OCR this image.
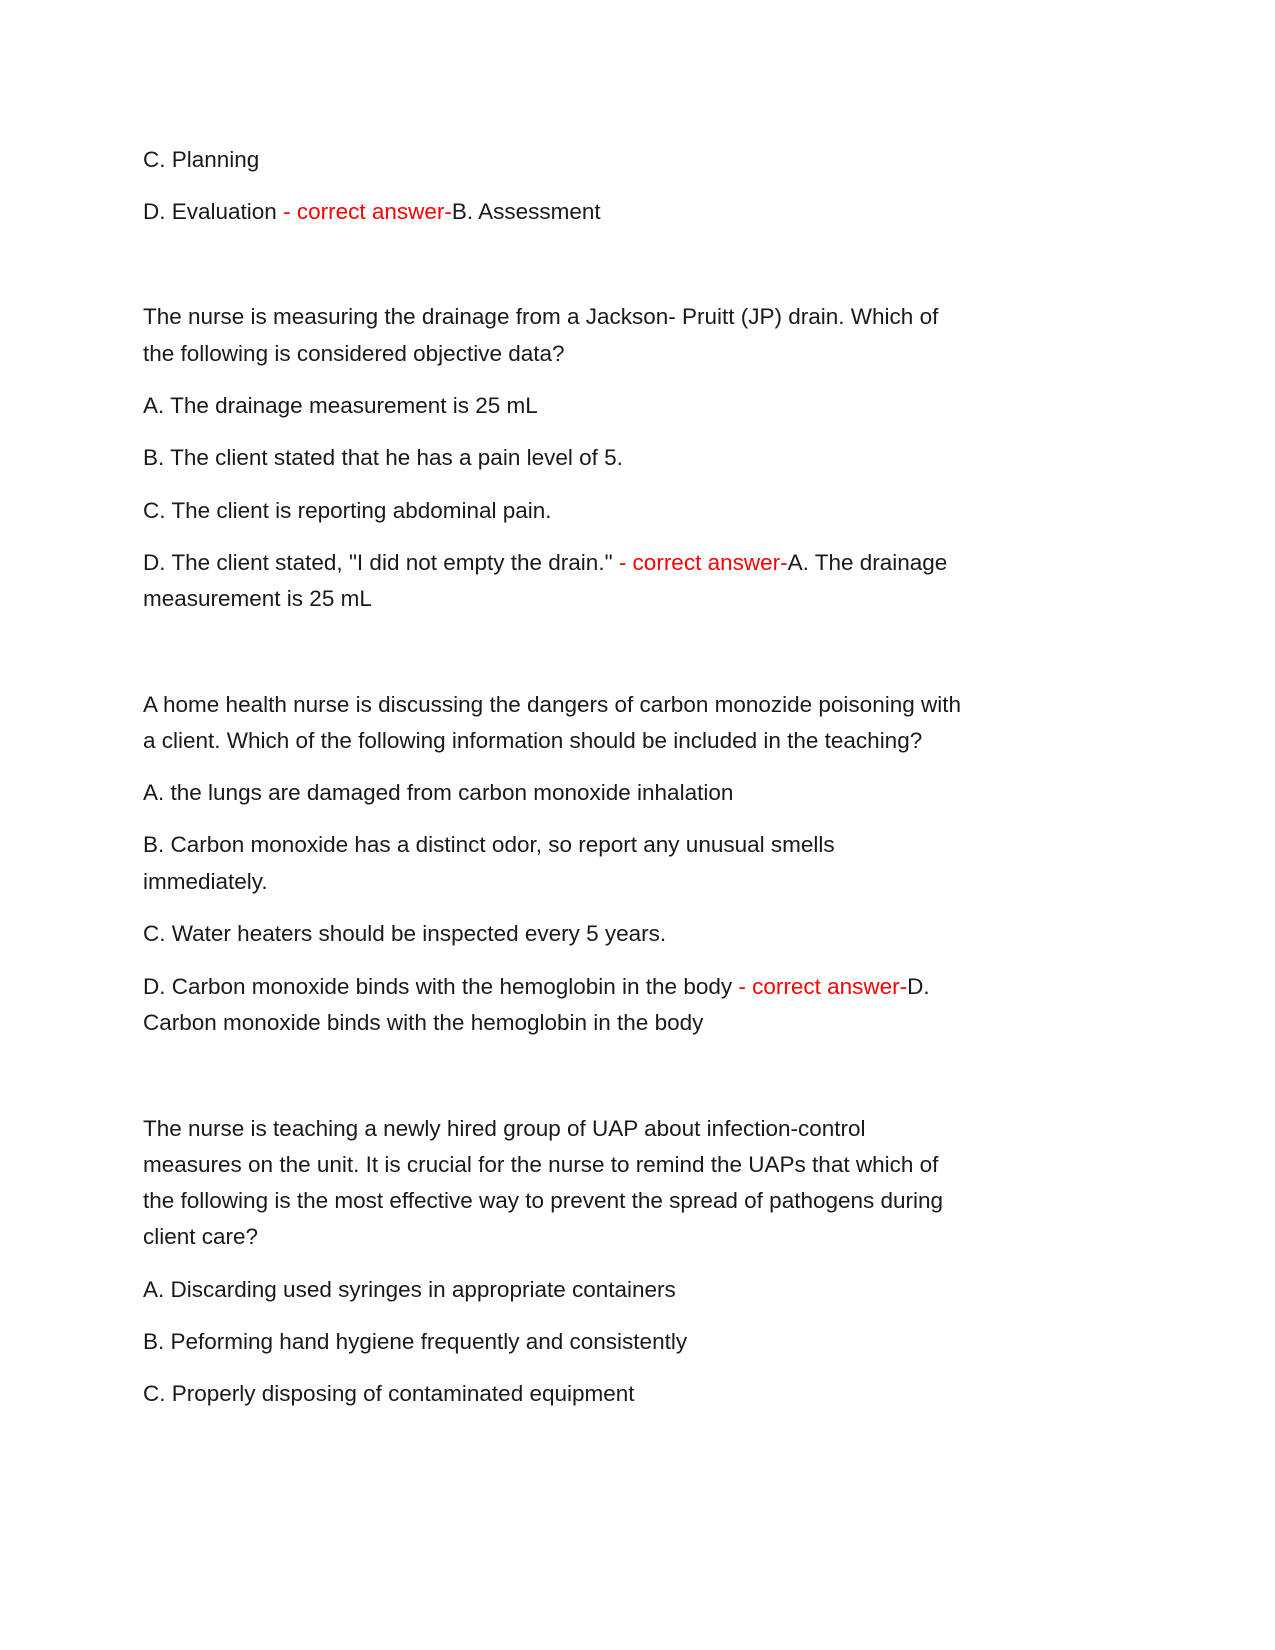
C. Planning
D. Evaluation - correct answer-B. Assessment
The nurse is measuring the drainage from a Jackson- Pruitt (JP) drain. Which of
the following is considered objective data?
A. The drainage measurement is 25 mL
B. The client stated that he has a pain level of 5.
C. The client is reporting abdominal pain.
D. The client stated, "I did not empty the drain." - correct answer-A. The drainage
measurement is 25 mL
A home health nurse is discussing the dangers of carbon monozide poisoning with
a client. Which of the following information should be included in the teaching?
A. the lungs are damaged from carbon monoxide inhalation
B. Carbon monoxide has a distinct odor, so report any unusual smells
immediately.
C. Water heaters should be inspected every 5 years.
D. Carbon monoxide binds with the hemoglobin in the body - correct answer-D.
Carbon monoxide binds with the hemoglobin in the body
The nurse is teaching a newly hired group of UAP about infection-control
measures on the unit. It is crucial for the nurse to remind the UAPs that which of
the following is the most effective way to prevent the spread of pathogens during
client care?
A. Discarding used syringes in appropriate containers
B. Peforming hand hygiene frequently and consistently
C. Properly disposing of contaminated equipment
